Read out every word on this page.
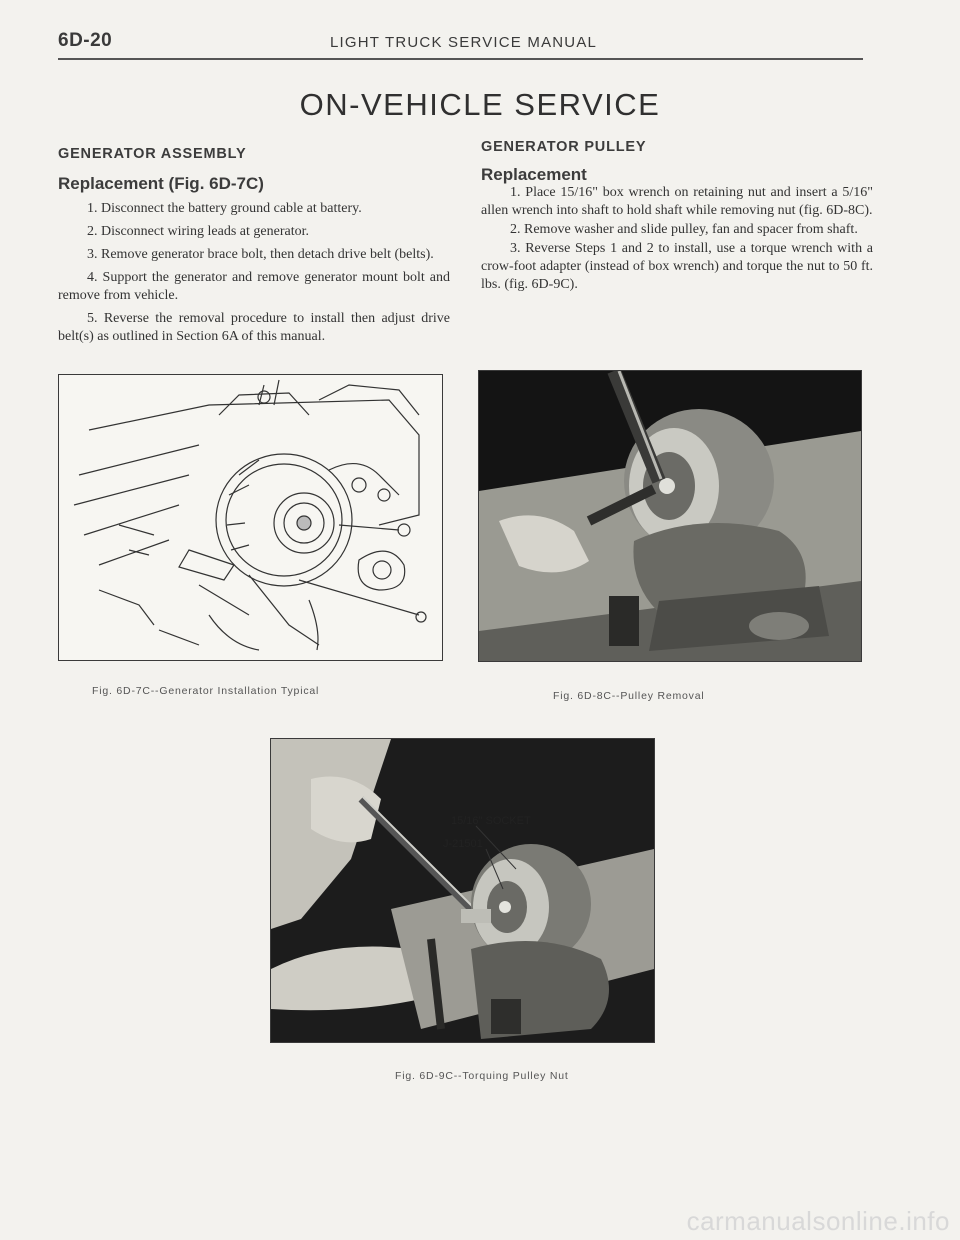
6D-20	LIGHT TRUCK SERVICE MANUAL
ON-VEHICLE SERVICE
GENERATOR ASSEMBLY
Replacement (Fig. 6D-7C)

1. Disconnect the battery ground cable at battery.

2. Disconnect wiring leads at generator.

3. Remove generator brace bolt, then detach drive belt (belts).

4. Support the generator and remove generator mount bolt and remove from vehicle.

5. Reverse the removal procedure to install then adjust drive belt(s) as outlined in Section 6A of this manual.

GENERATOR PULLEY
Replacement

1. Place 15/16" box wrench on retaining nut and insert a 5/16" allen wrench into shaft to hold shaft while removing nut (fig. 6D-8C).

2. Remove washer and slide pulley, fan and spacer from shaft.

3. Reverse Steps 1 and 2 to install, use a torque wrench with a crow-foot adapter (instead of box wrench) and torque the nut to 50 ft. lbs. (fig. 6D-9C).

Fig. 6D-7C--Generator Installation Typical	Fig. 6D-8C--Pulley Removal
15/16" SOCKET
J-21501
Fig. 6D-9C--Torquing Pulley Nut
carmanualsonline.info
